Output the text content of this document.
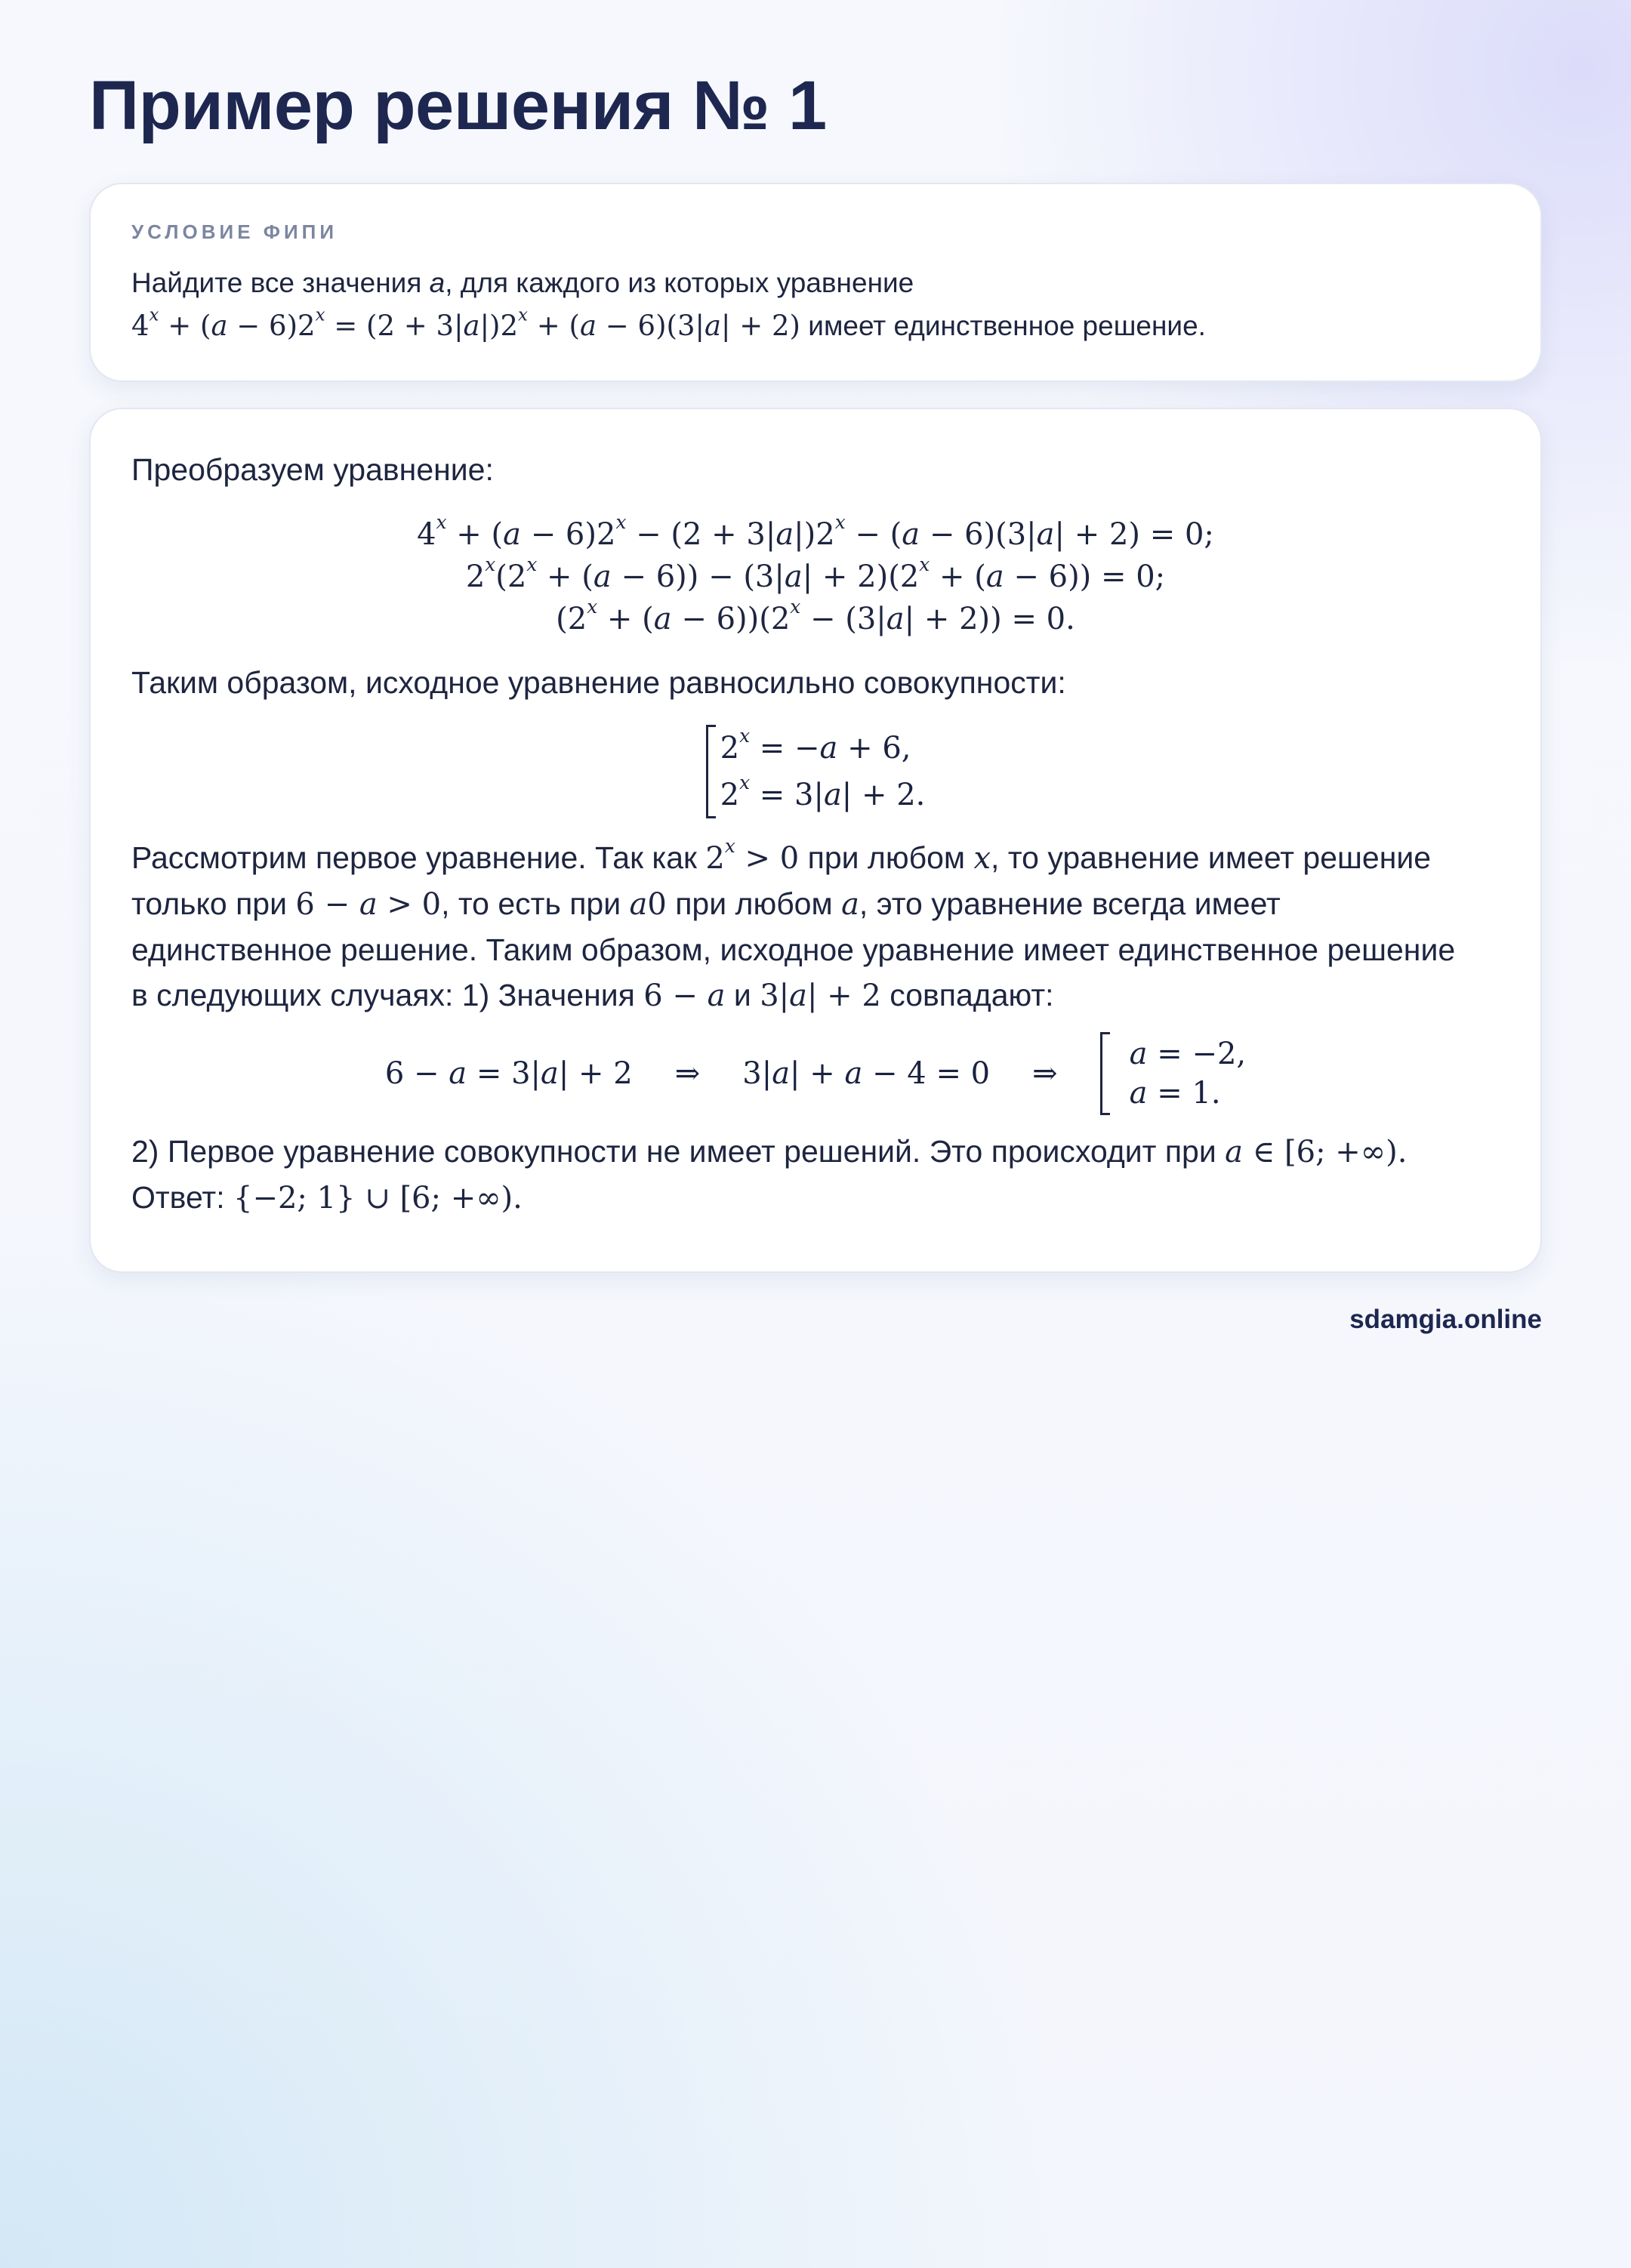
Пример решения № 1
УСЛОВИЕ ФИПИ
Найдите все значения a, для каждого из которых уравнение
$4^x + (a - 6)2^x = (2 + 3|a|)2^x + (a - 6)(3|a| + 2)$ имеет единственное решение.

Преобразуем уравнение:

$4^x + (a - 6)2^x - (2 + 3|a|)2^x - (a - 6)(3|a| + 2) = 0$;
$2^x(2^x + (a - 6)) - (3|a| + 2)(2^x + (a - 6)) = 0$;
$(2^x + (a - 6))(2^x - (3|a| + 2)) = 0$.

Таким образом, исходное уравнение равносильно совокупности:

$2^x = -a + 6$,
$2^x = 3|a| + 2$.

Рассмотрим первое уравнение. Так как $2^x > 0$ при любом x, то уравнение имеет решение
только при 6 − a > 0, то есть при a0 при любом a, это уравнение всегда имеет
единственное решение. Таким образом, исходное уравнение имеет единственное решение
в следующих случаях: 1) Значения 6 − a и 3|a| + 2 совпадают:

6 − a = 3|a| + 2 ⇒ 3|a| + a − 4 = 0 ⇒
a = −2,
a = 1.

2) Первое уравнение совокупности не имеет решений. Это происходит при a ∈ [6; +∞).
Ответ: {−2; 1} ∪ [6; +∞).

sdamgia.online
